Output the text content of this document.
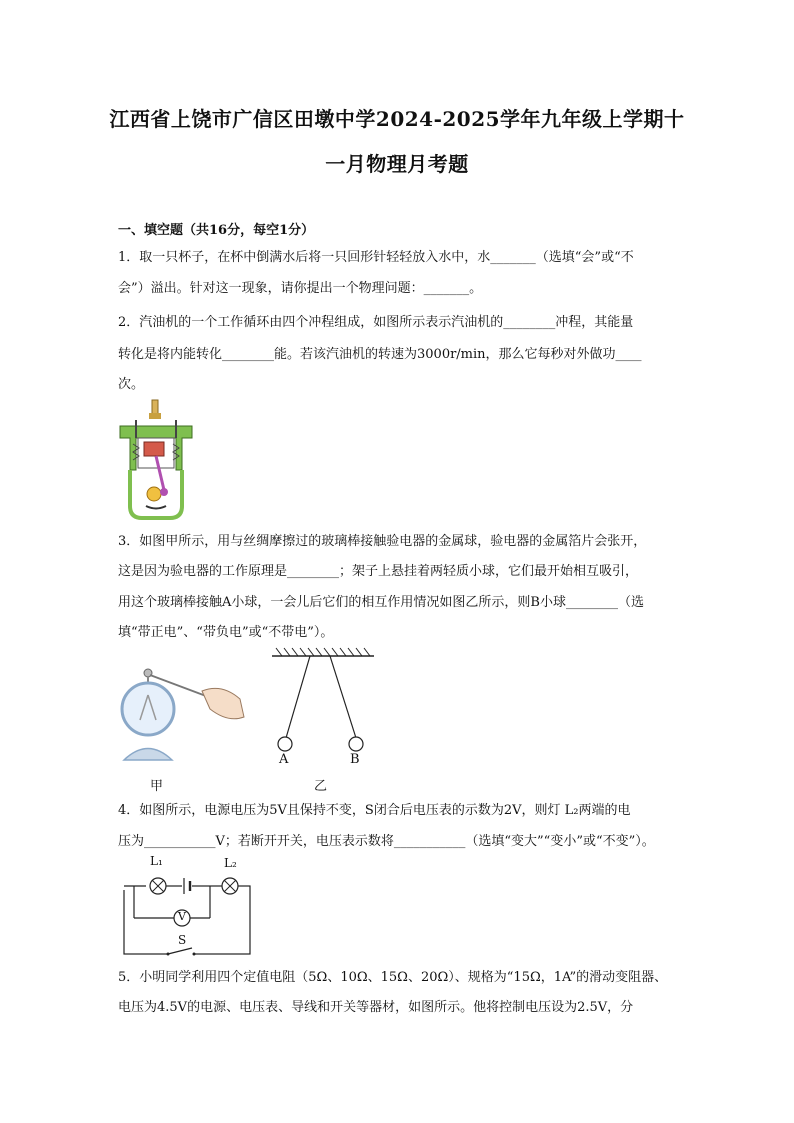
江西省上饶市广信区田墩中学2024-2025学年九年级上学期十
一月物理月考题
一、填空题（共16分，每空1分）
1．取一只杯子，在杯中倒满水后将一只回形针轻轻放入水中，水_______（选填“会”或“不
会”）溢出。针对这一现象，请你提出一个物理问题：_______。
2．汽油机的一个工作循环由四个冲程组成，如图所示表示汽油机的________冲程，其能量
转化是将内能转化________能。若该汽油机的转速为3000r/min，那么它每秒对外做功____
次。
3．如图甲所示，用与丝绸摩擦过的玻璃棒接触验电器的金属球，验电器的金属箔片会张开，
这是因为验电器的工作原理是________；架子上悬挂着两轻质小球，它们最开始相互吸引，
用这个玻璃棒接触A小球，一会儿后它们的相互作用情况如图乙所示，则B小球________（选
填“带正电”、“带负电”或“不带电”）。
甲
A	B
乙
4．如图所示，电源电压为5V且保持不变，S闭合后电压表的示数为2V，则灯 L₂两端的电
压为___________V；若断开开关，电压表示数将___________（选填“变大”“变小”或“不变”）。
L₁	L₂
V
S
5．小明同学利用四个定值电阻（5Ω、10Ω、15Ω、20Ω）、规格为“15Ω，1A”的滑动变阻器、
电压为4.5V的电源、电压表、导线和开关等器材，如图所示。他将控制电压设为2.5V，分
